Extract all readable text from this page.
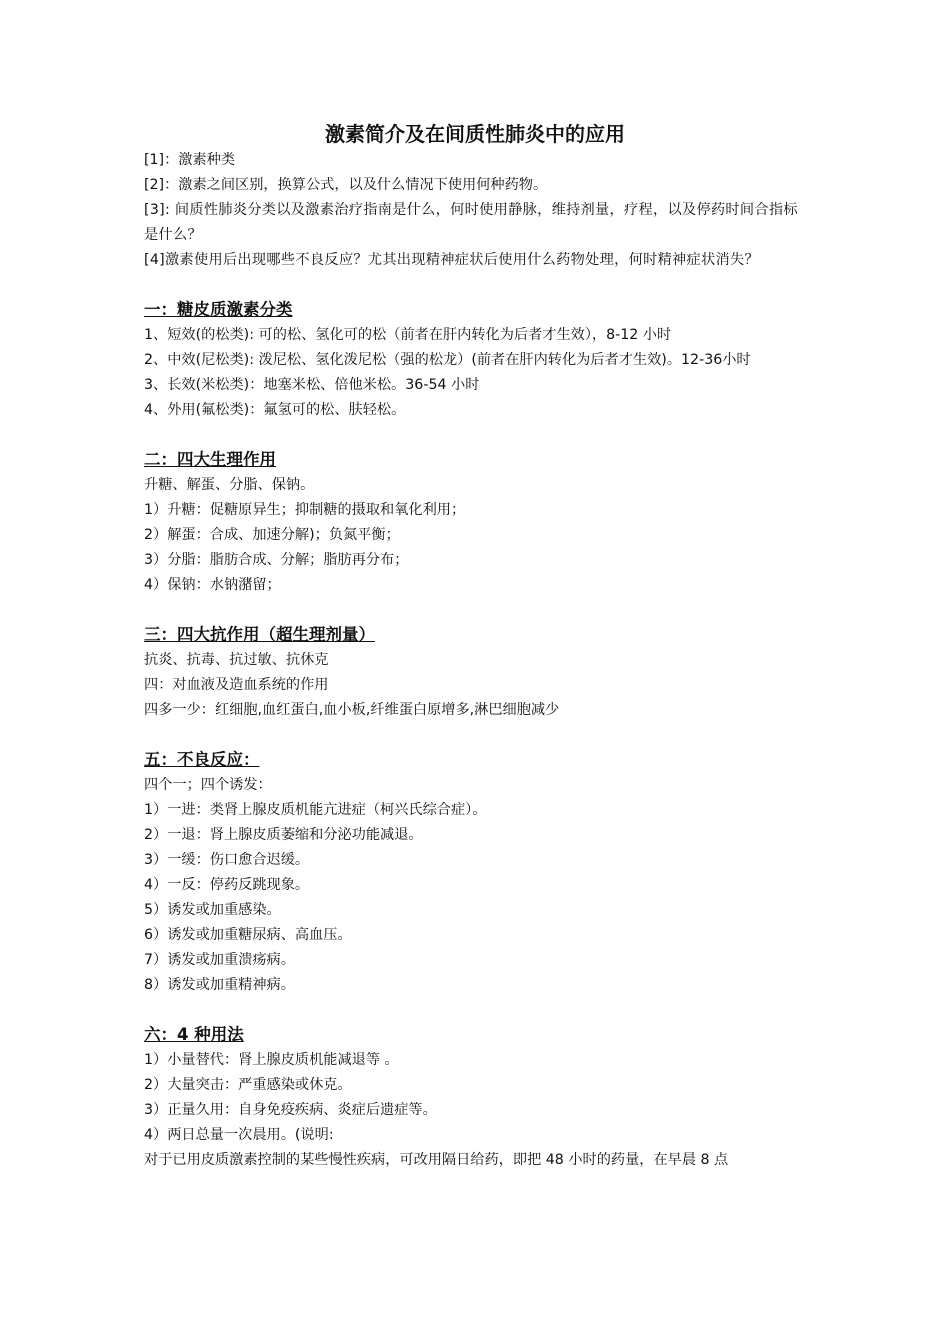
激素简介及在间质性肺炎中的应用
[1]：激素种类
[2]：激素之间区别，换算公式，以及什么情况下使用何种药物。
[3]: 间质性肺炎分类以及激素治疗指南是什么，何时使用静脉，维持剂量，疗程，以及停药时间合指标是什么？
[4]激素使用后出现哪些不良反应？尤其出现精神症状后使用什么药物处理，何时精神症状消失？
一：糖皮质激素分类
1、短效(的松类): 可的松、氢化可的松（前者在肝内转化为后者才生效），8-12 小时
2、中效(尼松类): 泼尼松、氢化泼尼松（强的松龙）(前者在肝内转化为后者才生效)。12-36小时
3、长效(米松类)：地塞米松、倍他米松。36-54 小时
4、外用(氟松类)：氟氢可的松、肤轻松。
二：四大生理作用
升糖、解蛋、分脂、保钠。
1）升糖：促糖原异生；抑制糖的摄取和氧化利用；
2）解蛋：合成、加速分解)；负氮平衡；
3）分脂：脂肪合成、分解；脂肪再分布；
4）保钠：水钠潴留；
三：四大抗作用（超生理剂量）
抗炎、抗毒、抗过敏、抗休克
四：对血液及造血系统的作用
四多一少：红细胞,血红蛋白,血小板,纤维蛋白原增多,淋巴细胞减少
五：不良反应：
四个一；四个诱发：
1）一进：类肾上腺皮质机能亢进症（柯兴氏综合症）。
2）一退：肾上腺皮质萎缩和分泌功能减退。
3）一缓：伤口愈合迟缓。
4）一反：停药反跳现象。
5）诱发或加重感染。
6）诱发或加重糖尿病、高血压。
7）诱发或加重溃疡病。
8）诱发或加重精神病。
六：4 种用法
1）小量替代：肾上腺皮质机能减退等 。
2）大量突击：严重感染或休克。
3）正量久用：自身免疫疾病、炎症后遗症等。
4）两日总量一次晨用。(说明:
对于已用皮质激素控制的某些慢性疾病，可改用隔日给药，即把 48 小时的药量，在早晨 8 点
